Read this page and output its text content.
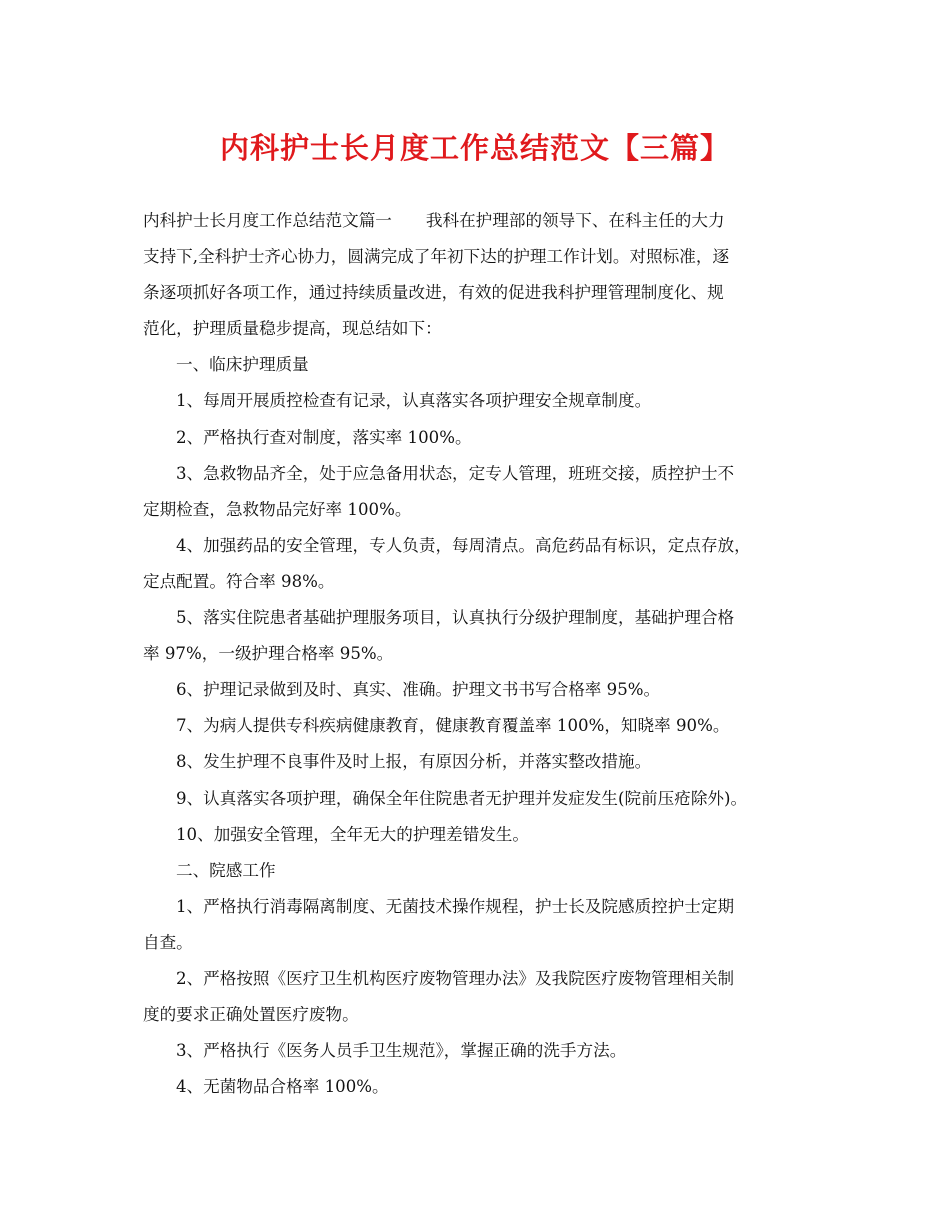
内科护士长月度工作总结范文【三篇】
内科护士长月度工作总结范文篇一 我科在护理部的领导下、在科主任的大力
支持下,全科护士齐心协力，圆满完成了年初下达的护理工作计划。对照标准，逐
条逐项抓好各项工作，通过持续质量改进，有效的促进我科护理管理制度化、规
范化，护理质量稳步提高，现总结如下：
一、临床护理质量
1、每周开展质控检查有记录，认真落实各项护理安全规章制度。
2、严格执行查对制度，落实率 100%。
3、急救物品齐全，处于应急备用状态，定专人管理，班班交接，质控护士不
定期检查，急救物品完好率 100%。
4、加强药品的安全管理，专人负责，每周清点。高危药品有标识，定点存放，
定点配置。符合率 98%。
5、落实住院患者基础护理服务项目，认真执行分级护理制度，基础护理合格
率 97%，一级护理合格率 95%。
6、护理记录做到及时、真实、准确。护理文书书写合格率 95%。
7、为病人提供专科疾病健康教育，健康教育覆盖率 100%，知晓率 90%。
8、发生护理不良事件及时上报，有原因分析，并落实整改措施。
9、认真落实各项护理，确保全年住院患者无护理并发症发生(院前压疮除外)。
10、加强安全管理，全年无大的护理差错发生。
二、院感工作
1、严格执行消毒隔离制度、无菌技术操作规程，护士长及院感质控护士定期
自查。
2、严格按照《医疗卫生机构医疗废物管理办法》及我院医疗废物管理相关制
度的要求正确处置医疗废物。
3、严格执行《医务人员手卫生规范》，掌握正确的洗手方法。
4、无菌物品合格率 100%。
